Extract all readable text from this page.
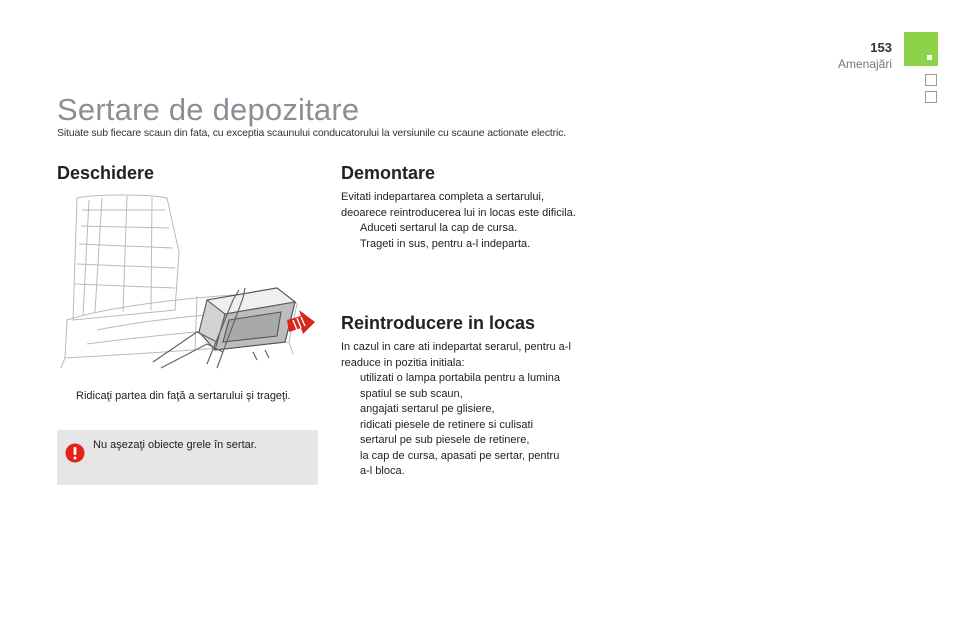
153
Amenajări
Sertare de depozitare
Situate sub fiecare scaun din fata, cu exceptia scaunului conducatorului la versiunile cu scaune actionate electric.
Deschidere
Ridicaţi partea din faţă a sertarului şi trageţi.
Nu aşezaţi obiecte grele în sertar.
Demontare
Evitati indepartarea completa a sertarului,
deoarece reintroducerea lui in locas este dificila.
Aduceti sertarul la cap de cursa.
Trageti in sus, pentru a-l indeparta.
Reintroducere in locas
In cazul in care ati indepartat serarul, pentru a-l
readuce in pozitia initiala:
utilizati o lampa portabila pentru a lumina
spatiul se sub scaun,
angajati sertarul pe glisiere,
ridicati piesele de retinere si culisati
sertarul pe sub piesele de retinere,
la cap de cursa, apasati pe sertar, pentru
a-l bloca.
